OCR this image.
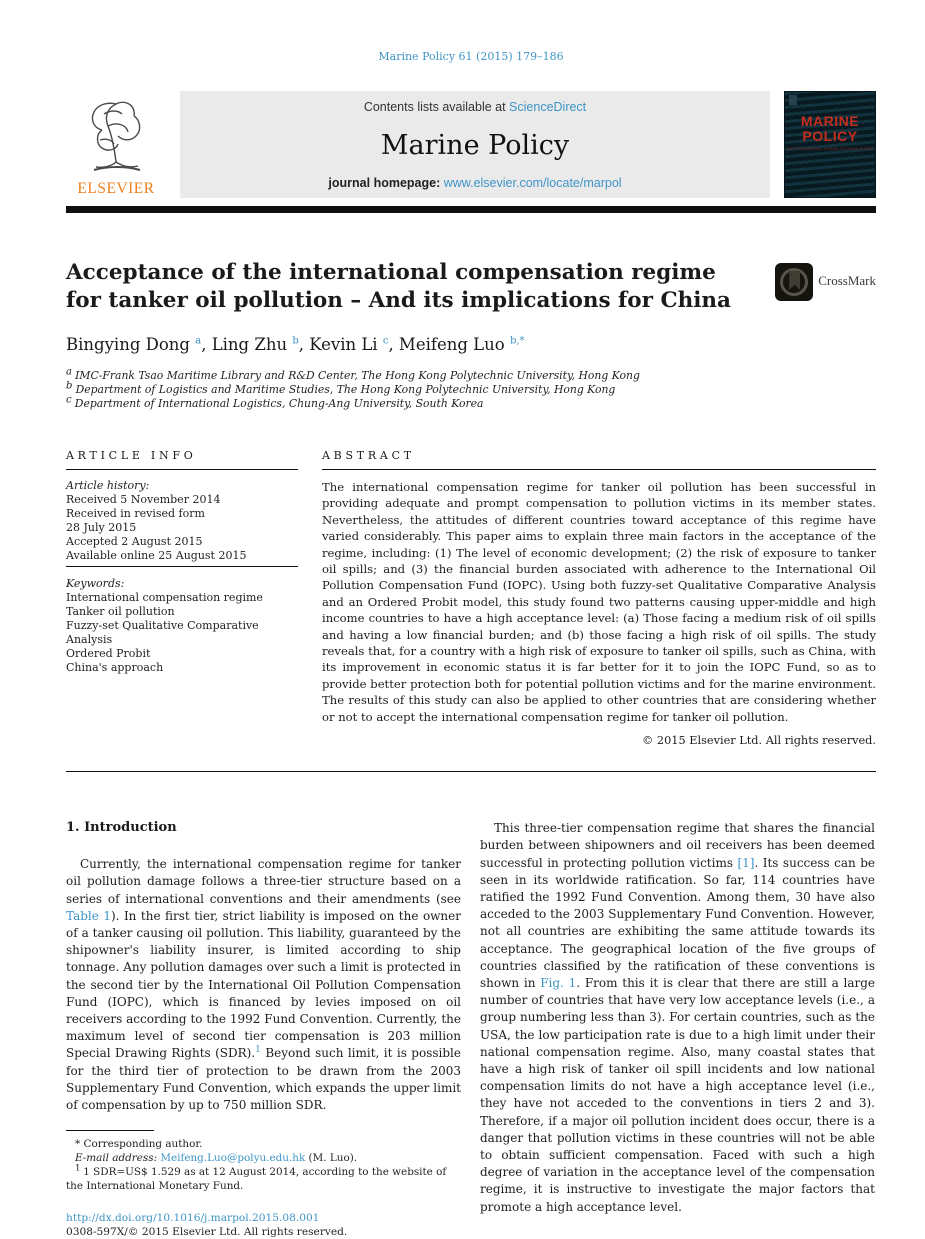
Marine Policy 61 (2015) 179–186
ELSEVIER
Contents lists available at ScienceDirect
Marine Policy
journal homepage: www.elsevier.com/locate/marpol
MARINE
POLICY
THE INTERNATIONAL JOURNAL OF OCEAN AFFAIRS
Acceptance of the international compensation regime for tanker oil pollution – And its implications for China
CrossMark
Bingying Dong $^a$, Ling Zhu $^b$, Kevin Li $^c$, Meifeng Luo $^{b,*}$
$^a$ IMC-Frank Tsao Maritime Library and R&D Center, The Hong Kong Polytechnic University, Hong Kong
$^b$ Department of Logistics and Maritime Studies, The Hong Kong Polytechnic University, Hong Kong
$^c$ Department of International Logistics, Chung-Ang University, South Korea
ARTICLE INFO
Article history:
Received 5 November 2014
Received in revised form
28 July 2015
Accepted 2 August 2015
Available online 25 August 2015
Keywords:
International compensation regime
Tanker oil pollution
Fuzzy-set Qualitative Comparative Analysis
Ordered Probit
China's approach
ABSTRACT
The international compensation regime for tanker oil pollution has been successful in providing adequate and prompt compensation to pollution victims in its member states. Nevertheless, the attitudes of different countries toward acceptance of this regime have varied considerably. This paper aims to explain three main factors in the acceptance of the regime, including: (1) The level of economic development; (2) the risk of exposure to tanker oil spills; and (3) the financial burden associated with adherence to the International Oil Pollution Compensation Fund (IOPC). Using both fuzzy-set Qualitative Comparative Analysis and an Ordered Probit model, this study found two patterns causing upper-middle and high income countries to have a high acceptance level: (a) Those facing a medium risk of oil spills and having a low financial burden; and (b) those facing a high risk of oil spills. The study reveals that, for a country with a high risk of exposure to tanker oil spills, such as China, with its improvement in economic status it is far better for it to join the IOPC Fund, so as to provide better protection both for potential pollution victims and for the marine environment. The results of this study can also be applied to other countries that are considering whether or not to accept the international compensation regime for tanker oil pollution.
© 2015 Elsevier Ltd. All rights reserved.
1. Introduction

Currently, the international compensation regime for tanker oil pollution damage follows a three-tier structure based on a series of international conventions and their amendments (see Table 1). In the first tier, strict liability is imposed on the owner of a tanker causing oil pollution. This liability, guaranteed by the shipowner's liability insurer, is limited according to ship tonnage. Any pollution damages over such a limit is protected in the second tier by the International Oil Pollution Compensation Fund (IOPC), which is financed by levies imposed on oil receivers according to the 1992 Fund Convention. Currently, the maximum level of second tier compensation is 203 million Special Drawing Rights (SDR).$^1$ Beyond such limit, it is possible for the third tier of protection to be drawn from the 2003 Supplementary Fund Convention, which expands the upper limit of compensation by up to 750 million SDR.

* Corresponding author.
E-mail address: Meifeng.Luo@polyu.edu.hk (M. Luo).
$^1$ 1 SDR=US$ 1.529 as at 12 August 2014, according to the website of the International Monetary Fund.
http://dx.doi.org/10.1016/j.marpol.2015.08.001
0308-597X/© 2015 Elsevier Ltd. All rights reserved.

This three-tier compensation regime that shares the financial burden between shipowners and oil receivers has been deemed successful in protecting pollution victims [1]. Its success can be seen in its worldwide ratification. So far, 114 countries have ratified the 1992 Fund Convention. Among them, 30 have also acceded to the 2003 Supplementary Fund Convention. However, not all countries are exhibiting the same attitude towards its acceptance. The geographical location of the five groups of countries classified by the ratification of these conventions is shown in Fig. 1. From this it is clear that there are still a large number of countries that have very low acceptance levels (i.e., a group numbering less than 3). For certain countries, such as the USA, the low participation rate is due to a high limit under their national compensation regime. Also, many coastal states that have a high risk of tanker oil spill incidents and low national compensation limits do not have a high acceptance level (i.e., they have not acceded to the conventions in tiers 2 and 3). Therefore, if a major oil pollution incident does occur, there is a danger that pollution victims in these countries will not be able to obtain sufficient compensation. Faced with such a high degree of variation in the acceptance level of the compensation regime, it is instructive to investigate the major factors that promote a high acceptance level.
